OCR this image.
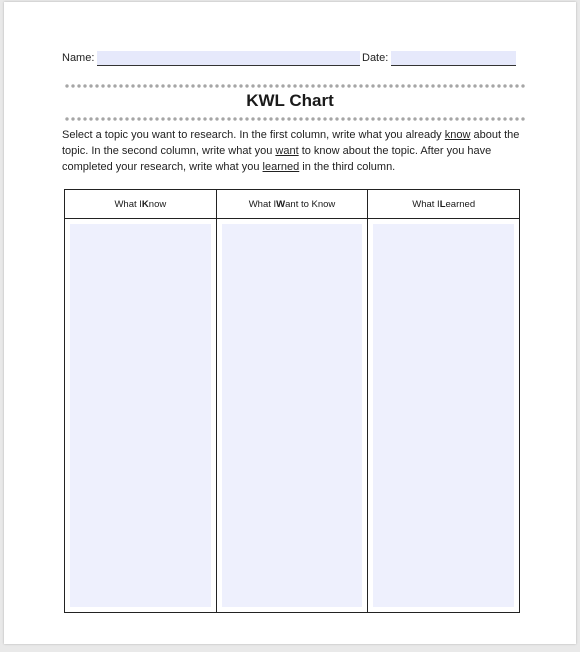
Name:	Date:
KWL Chart
Select a topic you want to research. In the first column, write what you already know about the topic. In the second column, write what you want to know about the topic. After you have completed your research, write what you learned in the third column.
What I K now	What I W ant to Know	What I L earned
